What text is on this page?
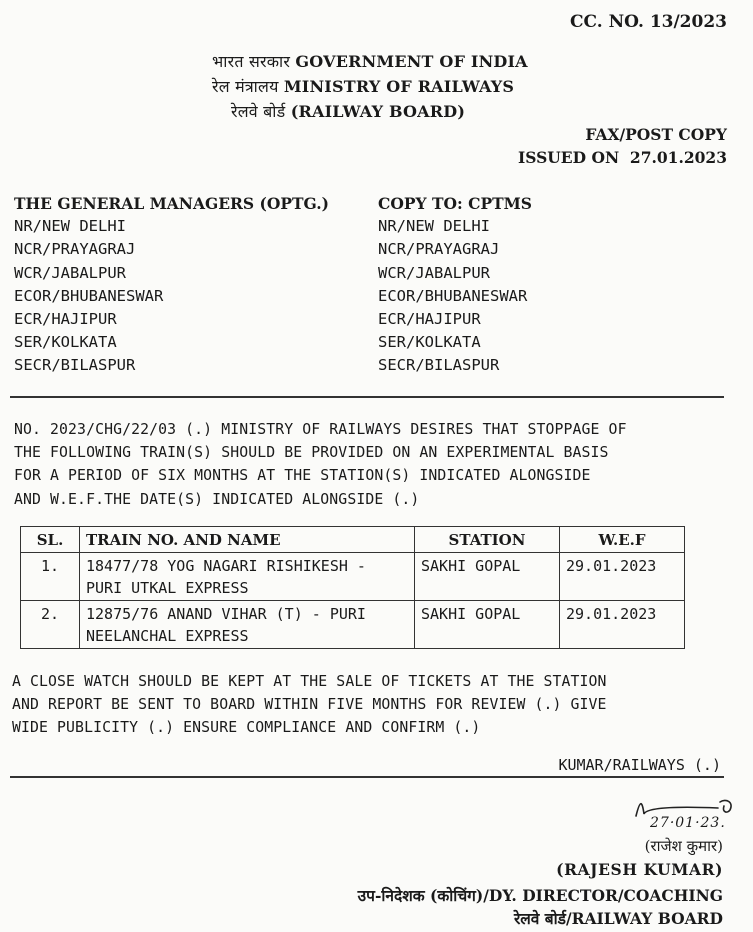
CC. NO. 13/2023
भारत सरकार GOVERNMENT OF INDIA
रेल मंत्रालय MINISTRY OF RAILWAYS
रेलवे बोर्ड (RAILWAY BOARD)
FAX/POST COPY
ISSUED ON 27.01.2023
THE GENERAL MANAGERS (OPTG.)
NR/NEW DELHI
NCR/PRAYAGRAJ
WCR/JABALPUR
ECOR/BHUBANESWAR
ECR/HAJIPUR
SER/KOLKATA
SECR/BILASPUR
COPY TO: CPTMS
NR/NEW DELHI
NCR/PRAYAGRAJ
WCR/JABALPUR
ECOR/BHUBANESWAR
ECR/HAJIPUR
SER/KOLKATA
SECR/BILASPUR
NO. 2023/CHG/22/03 (.) MINISTRY OF RAILWAYS DESIRES THAT STOPPAGE OF
THE FOLLOWING TRAIN(S) SHOULD BE PROVIDED ON AN EXPERIMENTAL BASIS
FOR A PERIOD OF SIX MONTHS AT THE STATION(S) INDICATED ALONGSIDE
AND W.E.F.THE DATE(S) INDICATED ALONGSIDE (.)
SL.	TRAIN NO. AND NAME	STATION	W.E.F
1.	18477/78 YOG NAGARI RISHIKESH -
PURI UTKAL EXPRESS	SAKHI GOPAL	29.01.2023
2.	12875/76 ANAND VIHAR (T) - PURI
NEELANCHAL EXPRESS	SAKHI GOPAL	29.01.2023
A CLOSE WATCH SHOULD BE KEPT AT THE SALE OF TICKETS AT THE STATION
AND REPORT BE SENT TO BOARD WITHIN FIVE MONTHS FOR REVIEW (.) GIVE
WIDE PUBLICITY (.) ENSURE COMPLIANCE AND CONFIRM (.)
KUMAR/RAILWAYS (.)
27·01·23.
(राजेश कुमार)
(RAJESH KUMAR)
उप-निदेशक (कोचिंग)/DY. DIRECTOR/COACHING
रेलवे बोर्ड/RAILWAY BOARD
